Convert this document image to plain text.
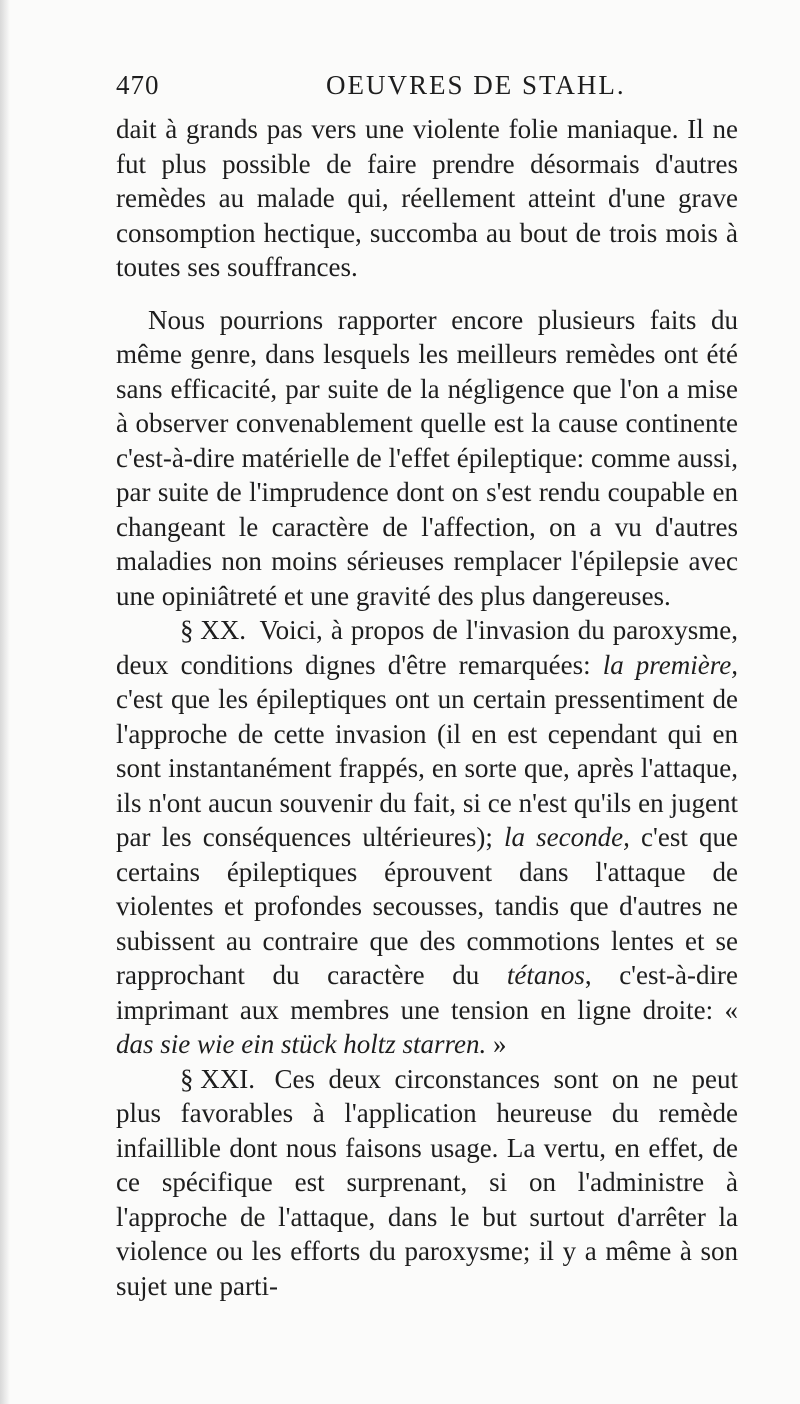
470	OEUVRES DE STAHL.

dait à grands pas vers une violente folie maniaque. Il ne fut plus possible de faire prendre désormais d'autres remèdes au malade qui, réellement atteint d'une grave consomption hectique, succomba au bout de trois mois à toutes ses souffrances.

Nous pourrions rapporter encore plusieurs faits du même genre, dans lesquels les meilleurs remèdes ont été sans efficacité, par suite de la négligence que l'on a mise à observer convenablement quelle est la cause continente c'est-à-dire matérielle de l'effet épileptique: comme aussi, par suite de l'imprudence dont on s'est rendu coupable en changeant le caractère de l'affection, on a vu d'autres maladies non moins sérieuses remplacer l'épilepsie avec une opiniâtreté et une gravité des plus dangereuses.

§ XX. Voici, à propos de l'invasion du paroxysme, deux conditions dignes d'être remarquées: la première, c'est que les épileptiques ont un certain pressentiment de l'approche de cette invasion (il en est cependant qui en sont instantanément frappés, en sorte que, après l'attaque, ils n'ont aucun souvenir du fait, si ce n'est qu'ils en jugent par les conséquences ultérieures); la seconde, c'est que certains épileptiques éprouvent dans l'attaque de violentes et profondes secousses, tandis que d'autres ne subissent au contraire que des commotions lentes et se rapprochant du caractère du tétanos, c'est-à-dire imprimant aux membres une tension en ligne droite: « das sie wie ein stück holtz starren. »

§ XXI. Ces deux circonstances sont on ne peut plus favorables à l'application heureuse du remède infaillible dont nous faisons usage. La vertu, en effet, de ce spécifique est surprenant, si on l'administre à l'approche de l'attaque, dans le but surtout d'arrêter la violence ou les efforts du paroxysme; il y a même à son sujet une parti-
